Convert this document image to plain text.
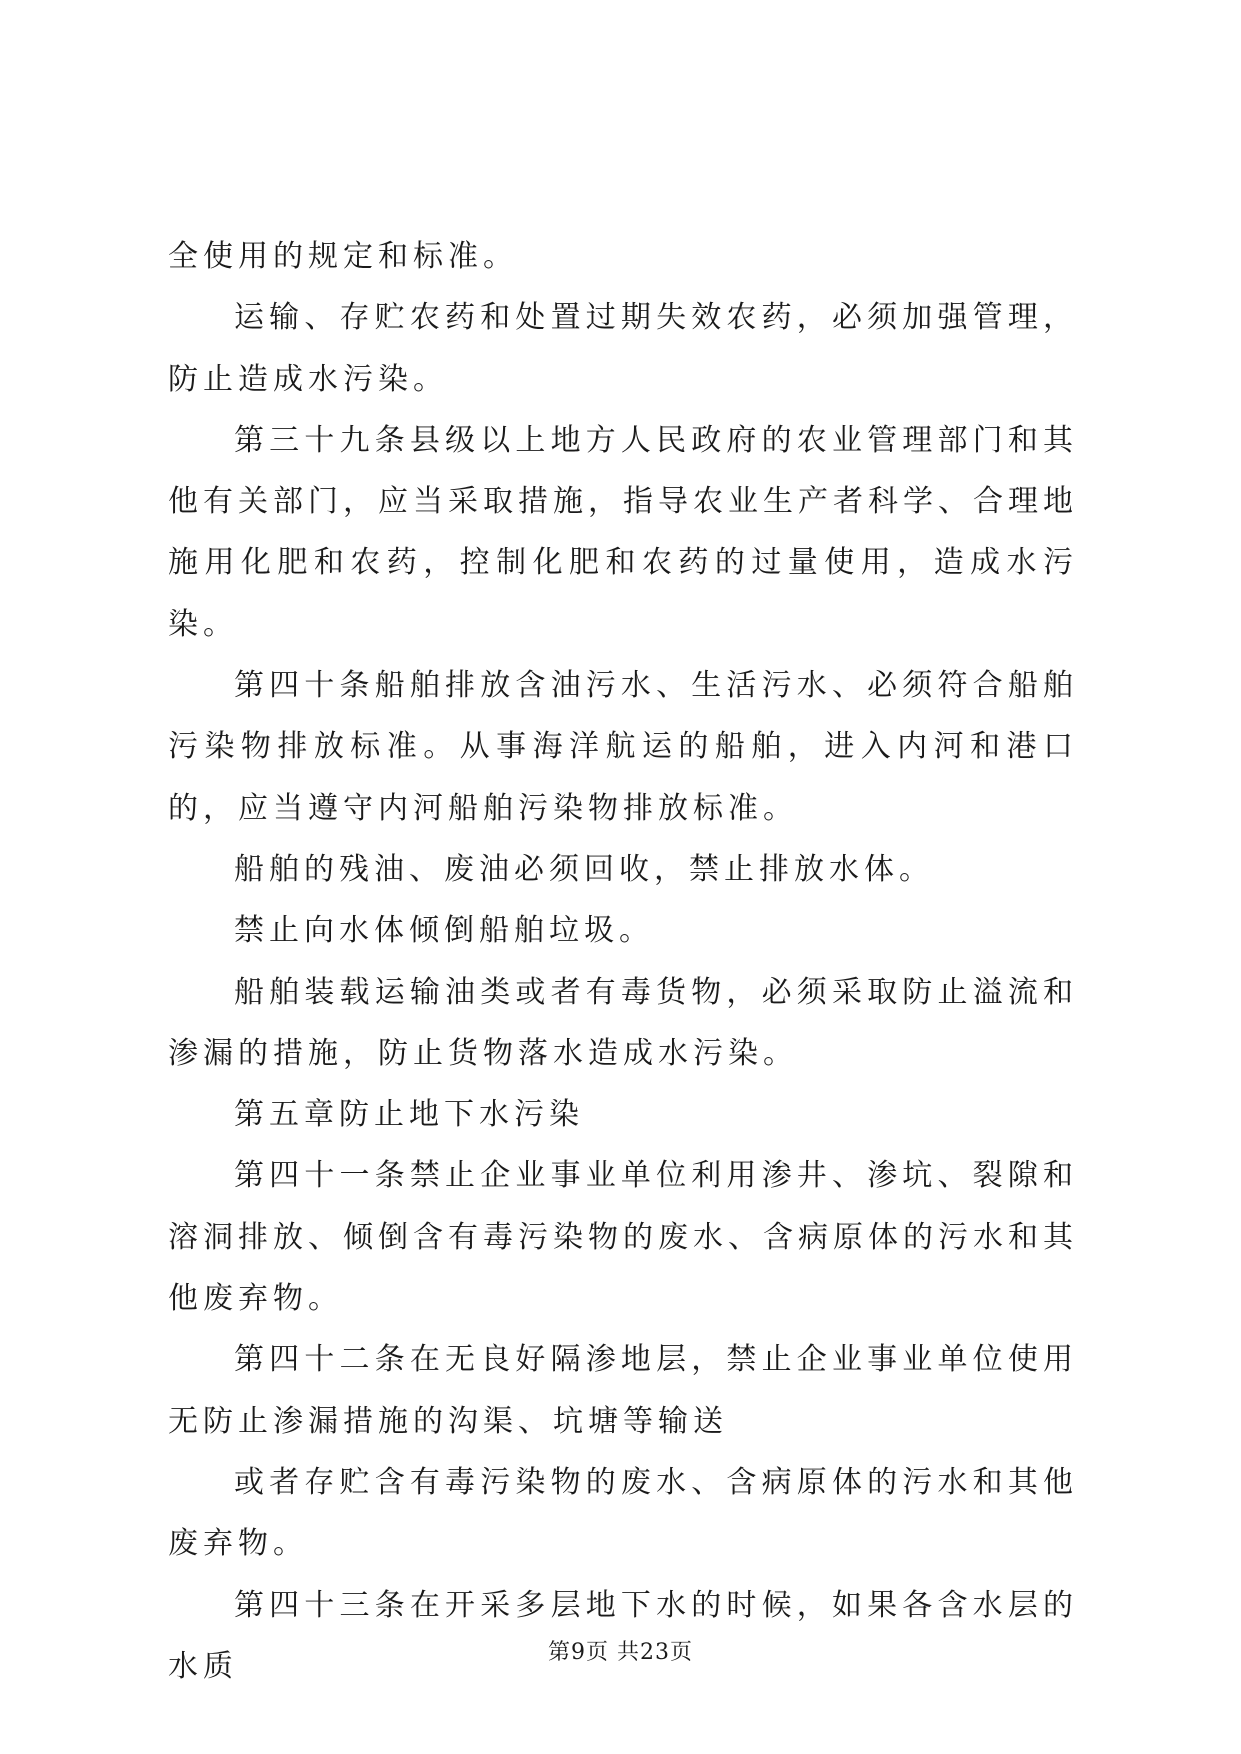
全使用的规定和标准。

运输、存贮农药和处置过期失效农药，必须加强管理，防止造成水污染。

第三十九条县级以上地方人民政府的农业管理部门和其他有关部门，应当采取措施，指导农业生产者科学、合理地施用化肥和农药，控制化肥和农药的过量使用，造成水污染。

第四十条船舶排放含油污水、生活污水、必须符合船舶污染物排放标准。从事海洋航运的船舶，进入内河和港口的，应当遵守内河船舶污染物排放标准。

船舶的残油、废油必须回收，禁止排放水体。

禁止向水体倾倒船舶垃圾。

船舶装载运输油类或者有毒货物，必须采取防止溢流和渗漏的措施，防止货物落水造成水污染。

第五章防止地下水污染

第四十一条禁止企业事业单位利用渗井、渗坑、裂隙和溶洞排放、倾倒含有毒污染物的废水、含病原体的污水和其他废弃物。

第四十二条在无良好隔渗地层，禁止企业事业单位使用无防止渗漏措施的沟渠、坑塘等输送

或者存贮含有毒污染物的废水、含病原体的污水和其他废弃物。

第四十三条在开采多层地下水的时候，如果各含水层的水质	第9页 共23页
